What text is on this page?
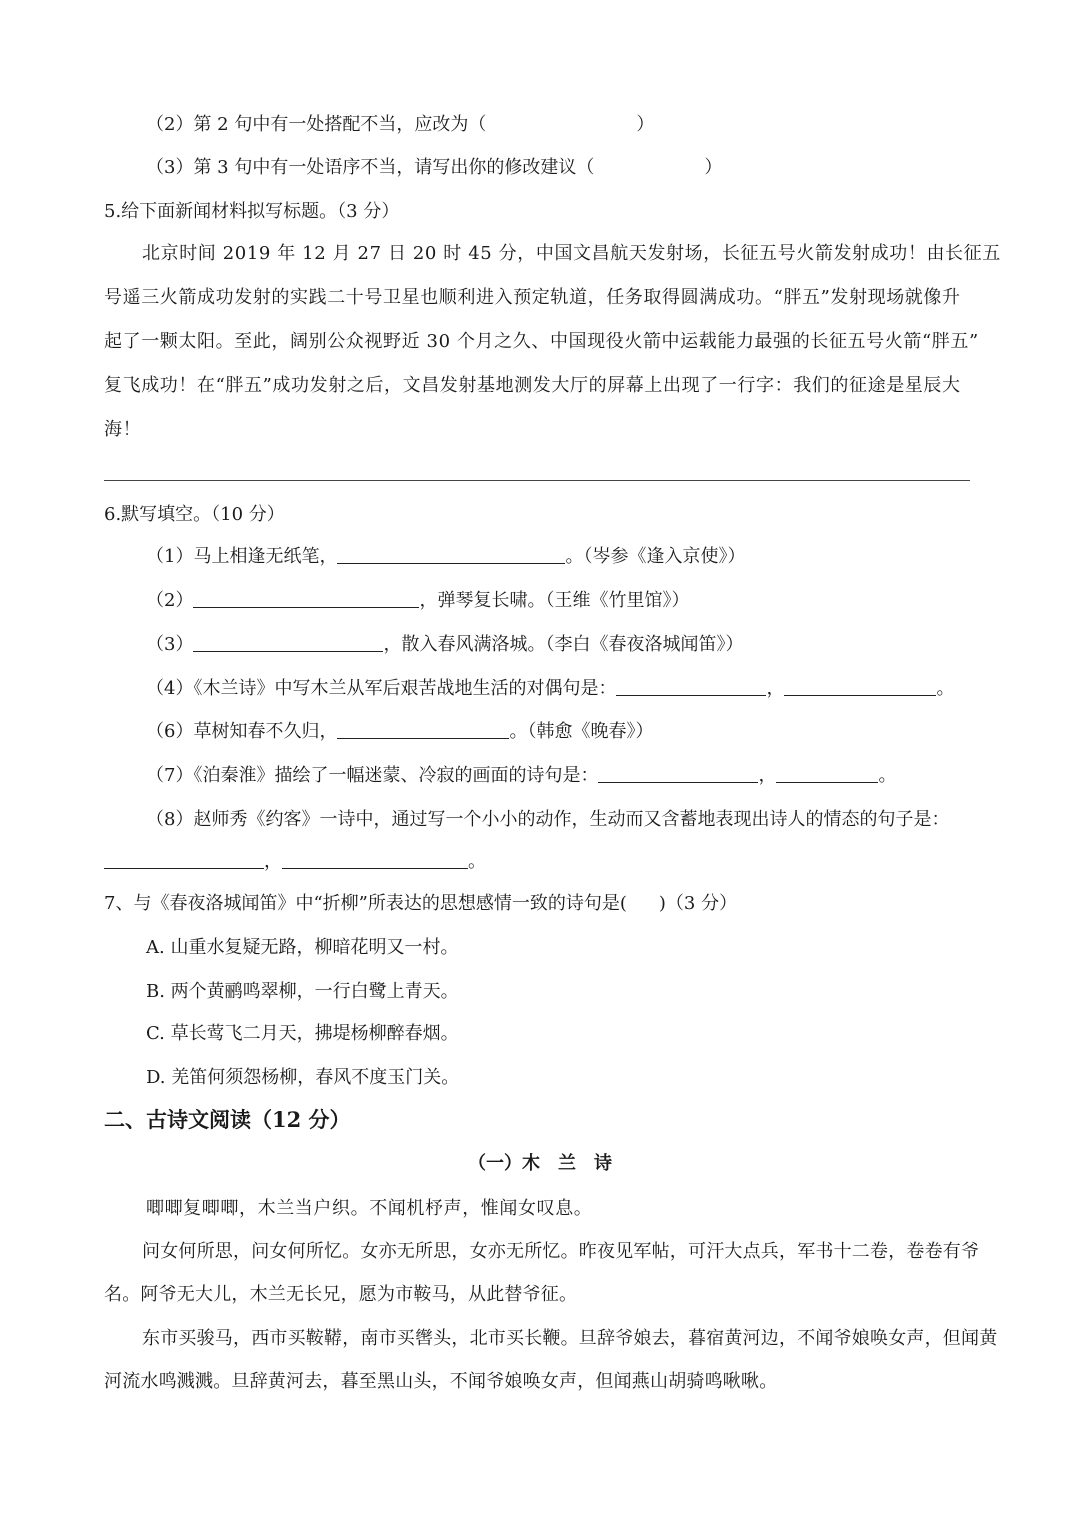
（2）第 2 句中有一处搭配不当，应改为（	）
（3）第 3 句中有一处语序不当，请写出你的修改建议（	）
5.给下面新闻材料拟写标题。（3 分）
北京时间 2019 年 12 月 27 日 20 时 45 分，中国文昌航天发射场，长征五号火箭发射成功！由长征五
号遥三火箭成功发射的实践二十号卫星也顺利进入预定轨道，任务取得圆满成功。“胖五”发射现场就像升
起了一颗太阳。至此，阔别公众视野近 30 个月之久、中国现役火箭中运载能力最强的长征五号火箭“胖五”
复飞成功！在“胖五”成功发射之后，文昌发射基地测发大厅的屏幕上出现了一行字：我们的征途是星辰大
海！
6.默写填空。（10 分）
（1）马上相逢无纸笔，	。（岑参《逢入京使》）
（2）	，弹琴复长啸。（王维《竹里馆》）
（3）	，散入春风满洛城。（李白《春夜洛城闻笛》）
（4）《木兰诗》中写木兰从军后艰苦战地生活的对偶句是：	，	。
（6）草树知春不久归，	。（韩愈《晚春》）
（7）《泊秦淮》描绘了一幅迷蒙、冷寂的画面的诗句是：	，	。
（8）赵师秀《约客》一诗中，通过写一个小小的动作，生动而又含蓄地表现出诗人的情态的句子是：
，	。
7、与《春夜洛城闻笛》中“折柳”所表达的思想感情一致的诗句是( )（3 分）
A. 山重水复疑无路，柳暗花明又一村。
B. 两个黄鹂鸣翠柳，一行白鹭上青天。
C. 草长莺飞二月天，拂堤杨柳醉春烟。
D. 羌笛何须怨杨柳，春风不度玉门关。
二、古诗文阅读（12 分）
（一）木　兰　诗
唧唧复唧唧，木兰当户织。不闻机杼声，惟闻女叹息。
问女何所思，问女何所忆。女亦无所思，女亦无所忆。昨夜见军帖，可汗大点兵，军书十二卷，卷卷有爷
名。阿爷无大儿，木兰无长兄，愿为市鞍马，从此替爷征。
东市买骏马，西市买鞍鞯，南市买辔头，北市买长鞭。旦辞爷娘去，暮宿黄河边，不闻爷娘唤女声，但闻黄
河流水鸣溅溅。旦辞黄河去，暮至黑山头，不闻爷娘唤女声，但闻燕山胡骑鸣啾啾。
